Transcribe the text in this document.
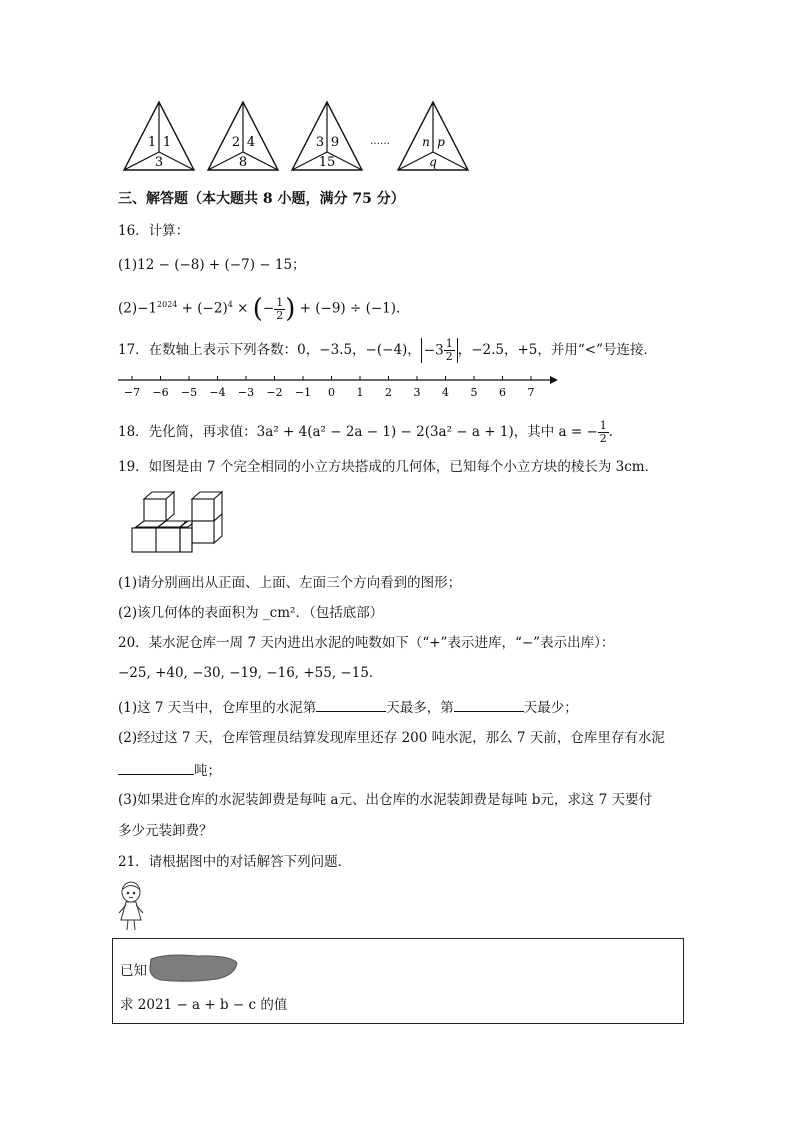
1 1
3
2 4
8
3 9
15
……	n p
q
三、解答题（本大题共 8 小题，满分 75 分）
16．计算：
(1)12 − (−8) + (−7) − 15；
$(2)-1^{2024} + (-2)^4$ × (− $\frac{1}{2}$ ) + (−9) ÷ (−1)．
17．在数轴上表示下列各数：0，−3.5，−(−4)， $-3 \frac{1}{2}$ ，−2.5，+5，并用“<”号连接．
−7 −6 −5 −4 −3 −2 −1 0 1 2 3 4 5 6 7
18．先化简，再求值：3a² + 4(a² − 2a − 1) − 2(3a² − a + 1)，其中 a = − $\frac{1}{2}$ ．
19．如图是由 7 个完全相同的小立方块搭成的几何体，已知每个小立方块的棱长为 3cm．
(1)请分别画出从正面、上面、左面三个方向看到的图形；
(2)该几何体的表面积为 _cm²．（包括底部）
20．某水泥仓库一周 7 天内进出水泥的吨数如下（“+”表示进库，“−”表示出库）：
−25, +40, −30, −19, −16, +55, −15．
(1)这 7 天当中，仓库里的水泥第	天最多，第	天最少；
(2)经过这 7 天，仓库管理员结算发现库里还存 200 吨水泥，那么 7 天前，仓库里存有水泥
吨；
(3)如果进仓库的水泥装卸费是每吨 a元、出仓库的水泥装卸费是每吨 b元，求这 7 天要付
多少元装卸费？
21．请根据图中的对话解答下列问题．
已知
求 2021 − a + b − c 的值
